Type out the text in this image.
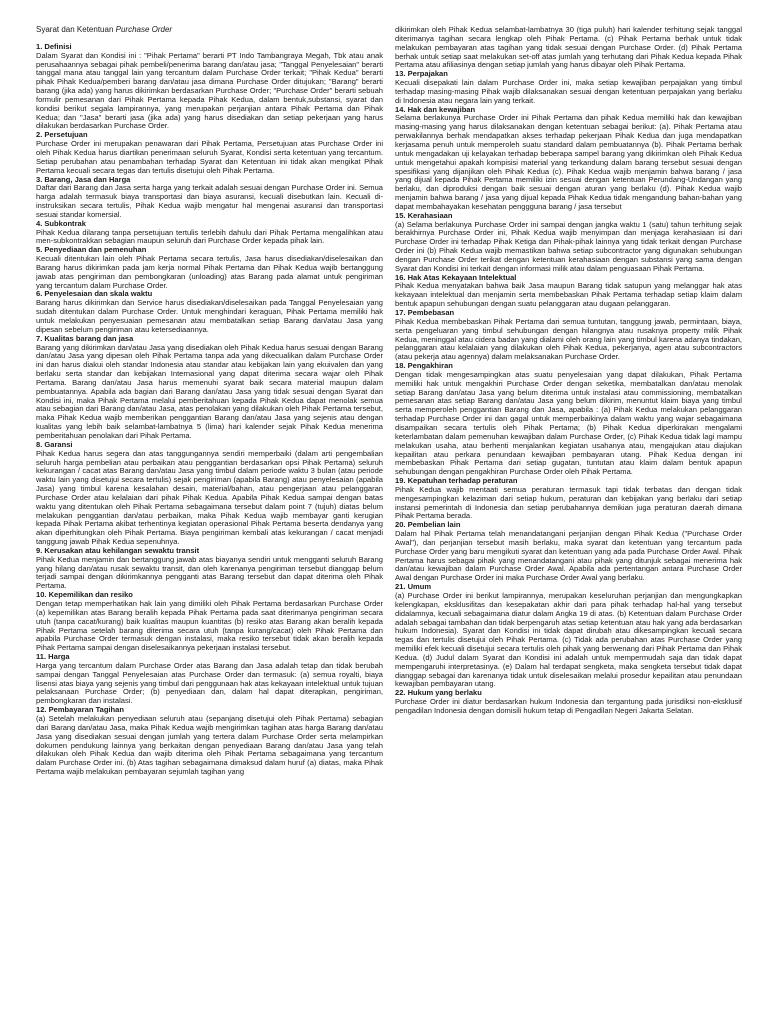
Syarat dan Ketentuan Purchase Order
1. Definisi
Dalam Syarat dan Kondisi ini : "Pihak Pertama" berarti PT Indo Tambangraya Megah, Tbk atau anak perusahaannya sebagai pihak pembeli/penerima barang dan/atau jasa; "Tanggal Penyelesaian" berarti tanggal mana atau tanggal lain yang tercantum dalam Purchase Order terkait; "Pihak Kedua" berarti pihak Pihak Kedua/pemberi barang dan/atau jasa dimana Purchase Order ditujukan; "Barang" berarti barang (jika ada) yang harus dikirimkan berdasarkan Purchase Order; "Purchase Order" berarti sebuah formulir pemesanan dari Pihak Pertama kepada Pihak Kedua, dalam bentuk,substansi, syarat dan kondisi berikut segala lampirannya, yang merupakan perjanjian antara Pihak Pertama dan Pihak Kedua; dan "Jasa" berarti jasa (jika ada) yang harus disediakan dan setiap pekerjaan yang harus dilakukan berdasarkan Purchase Order.
2. Persetujuan
Purchase Order ini merupakan penawaran dari Pihak Pertama, Persetujuan atas Purchase Order ini oleh Pihak Kedua harus diartikan penerimaan seluruh Syarat, Kondisi serta ketentuan yang tercantum. Setiap perubahan atau penambahan terhadap Syarat dan Ketentuan ini tidak akan mengikat Pihak Pertama kecuali secara tegas dan tertulis disetujui oleh Pihak Pertama.
3. Barang, Jasa dan Harga
Daftar dari Barang dan Jasa serta harga yang terkait adalah sesuai dengan Purchase Order ini. Semua harga adalah termasuk biaya transportasi dan biaya asuransi, kecuali disebutkan lain. Kecuali di-instruksikan secara tertulis, Pihak Kedua wajib mengatur hal mengenai asuransi dan transportasi sesuai standar komersial.
4. Subkontrak
Pihak Kedua dilarang tanpa persetujuan tertulis terlebih dahulu dari Pihak Pertama mengalihkan atau men-subkontrakkan sebagian maupun seluruh dari Purchase Order kepada pihak lain.
5. Penyediaan dan pemenuhan
Kecuali ditentukan lain oleh Pihak Pertama secara tertulis, Jasa harus disediakan/diselesaikan dan Barang harus dikirimkan pada jam kerja normal Pihak Pertama dan Pihak Kedua wajib bertanggung jawab atas pengiriman dan pembongkaran (unloading) atas Barang pada alamat untuk pengiriman yang tercantum dalam Purchase Order.
6. Penyelesaian dan skala waktu
Barang harus dikirimkan dan Service harus disediakan/diselesaikan pada Tanggal Penyelesaian yang sudah ditentukan dalam Purchase Order. Untuk menghindari keraguan, Pihak Pertama memiliki hak untuk melakukan penyesuaian pemesanan atau membatalkan setiap Barang dan/atau Jasa yang dipesan sebelum pengiriman atau ketersediaannya.
7. Kualitas barang dan jasa
Barang yang dikirimkan dan/atau Jasa yang disediakan oleh Pihak Kedua harus sesuai dengan Barang dan/atau Jasa yang dipesan oleh Pihak Pertama tanpa ada yang dikecualikan dalam Purchase Order ini dan harus diakui oleh standar Indonesia atau standar atau kebijakan lain yang ekuivalen dan yang berlaku serta standar dan kebijakan Internasional yang dapat diterima secara wajar oleh Pihak Pertama. Barang dan/atau Jasa harus memenuhi syarat baik secara material maupun dalam pembuatannya. Apabila ada bagian dari Barang dan/atau Jasa yang tidak sesuai dengan Syarat dan Kondisi ini, maka Pihak Pertama melalui pemberitahuan kepada Pihak Kedua dapat menolak semua atau sebagian dari Barang dan/atau Jasa, atas penolakan yang dilakukan oleh Pihak Pertama tersebut, maka Pihak Kedua wajib memberikan penggantian Barang dan/atau Jasa yang sejenis atau dengan kualitas yang lebih baik selambat-lambatnya 5 (lima) hari kalender sejak Pihak Kedua menerima pemberitahuan penolakan dari Pihak Pertama.
8. Garansi
Pihak Kedua harus segera dan atas tanggungannya sendiri memperbaiki (dalam arti pengembalian seluruh harga pembelian atau perbaikan atau penggantian berdasarkan opsi Pihak Pertama) seluruh kekurangan / cacat atas Barang dan/atau Jasa yang timbul dalam periode waktu 3 bulan (atau periode waktu lain yang disetujui secara tertulis) sejak pengiriman (apabila Barang) atau penyelesaian (apabila Jasa) yang timbul karena kesalahan desain, material/bahan, atau pengerjaan atau pelanggaran Purchase Order atau kelalaian dari pihak Pihak Kedua. Apabila Pihak Kedua sampai dengan batas waktu yang ditentukan oleh Pihak Pertama sebagaimana tersebut dalam point 7 (tujuh) diatas belum melakukan penggantian dan/atau perbaikan, maka Pihak Kedua wajib membayar ganti kerugian kepada Pihak Pertama akibat terhentinya kegiatan operasional Pihak Pertama beserta dendanya yang akan diperhitungkan oleh Pihak Pertama. Biaya pengiriman kembali atas kekurangan / cacat menjadi tanggung jawab Pihak Kedua sepenuhnya.
9. Kerusakan atau kehilangan sewaktu transit
Pihak Kedua menjamin dan bertanggung jawab atas biayanya sendiri untuk mengganti seluruh Barang yang hilang dan/atau rusak sewaktu transit, dan oleh karenanya pengiriman tersebut dianggap belum terjadi sampai dengan dikirimkannya pengganti atas Barang tersebut dan dapat diterima oleh Pihak Pertama.
10. Kepemilikan dan resiko
Dengan tetap memperhatikan hak lain yang dimiliki oleh Pihak Pertama berdasarkan Purchase Order (a) kepemilikan atas Barang beralih kepada Pihak Pertama pada saat diterimanya pengiriman secara utuh (tanpa cacat/kurang) baik kualitas maupun kuantitas (b) resiko atas Barang akan beralih kepada Pihak Pertama setelah barang diterima secara utuh (tanpa kurang/cacat) oleh Pihak Pertama dan apabila Purchase Order termasuk dengan instalasi, maka resiko tersebut tidak akan beralih kepada Pihak Pertama sampai dengan diselesaikannya pekerjaan instalasi tersebut.
11. Harga
Harga yang tercantum dalam Purchase Order atas Barang dan Jasa adalah tetap dan tidak berubah sampai dengan Tanggal Penyelesaian atas Purchase Order dan termasuk: (a) semua royalti, biaya lisensi atas biaya yang sejenis yang timbul dari penggunaan hak atas kekayaan intelektual untuk tujuan pelaksanaan Purchase Order; (b) penyediaan dan, dalam hal dapat diterapkan, pengiriman, pembongkaran dan instalasi.
12. Pembayaran Tagihan
(a) Setelah melakukan penyediaan seluruh atau (sepanjang disetujui oleh Pihak Pertama) sebagian dari Barang dan/atau Jasa, maka Pihak Kedua wajib mengirimkan tagihan atas harga Barang dan/atau Jasa yang disediakan sesuai dengan jumlah yang tertera dalam Purchase Order serta melampirkan dokumen pendukung lainnya yang berkaitan dengan penyediaan Barang dan/atau Jasa yang telah dilakukan oleh Pihak Kedua dan wajib diterima oleh Pihak Pertama sebagaimana yang tercantum dalam Purchase Order ini. (b) Atas tagihan sebagaimana dimaksud dalam huruf (a) diatas, maka Pihak Pertama wajib melakukan pembayaran sejumlah tagihan yang
dikirimkan oleh Pihak Kedua selambat-lambatnya 30 (tiga puluh) hari kalender terhitung sejak tanggal diterimanya tagihan secara lengkap oleh Pihak Pertama. (c) Pihak Pertama berhak untuk tidak melakukan pembayaran atas tagihan yang tidak sesuai dengan Purchase Order. (d) Pihak Pertama berhak untuk setiap saat melakukan set-off atas jumlah yang terhutang dari Pihak Kedua kepada Pihak Pertama atau afiliasinya dengan setiap jumlah yang harus dibayar oleh Pihak Pertama.
13. Perpajakan
Kecuali disepakati lain dalam Purchase Order ini, maka setiap kewajiban perpajakan yang timbul terhadap masing-masing Pihak wajib dilaksanakan sesuai dengan ketentuan perpajakan yang berlaku di Indonesia atau negara lain yang terkait.
14. Hak dan kewajiban
Selama berlakunya Purchase Order ini Pihak Pertama dan pihak Kedua memiliki hak dan kewajiban masing-masing yang harus dilaksanakan dengan ketentuan sebagai berikut: (a). Pihak Pertama atau perwakilannya berhak mendapatkan akses terhadap pekerjaan Pihak Kedua dan juga mendapatkan kerjasama penuh untuk memperoleh suatu standard dalam pembuatannya (b). Pihak Pertama berhak untuk mengadakan uji kelayakan terhadap beberapa sampel barang yang dikirimkan oleh Pihak Kedua untuk mengetahui apakah kompisisi material yang terkandung dalam barang tersebut sesuai dengan spesifikasi yang dijanjikan oleh Pihak Kedua (c). Pihak Kedua wajib menjamin bahwa barang / jasa yang dijual kepada Pihak Pertama memiliki izin sesuai dengan ketentuan Perundang-Undangan yang berlaku, dan diproduksi dengan baik sesuai dengan aturan yang berlaku (d). Pihak Kedua wajib menjamin bahwa barang / jasa yang dijual kepada Pihak Kedua tidak mengandung bahan-bahan yang dapat membahayakan kesehatan penggguna barang / jasa tersebut
15. Kerahasiaan
(a) Selama berlakunya Purchase Order ini sampai dengan jangka waktu 1 (satu) tahun terhitung sejak berakhirnya Purchase Order ini, Pihak Kedua wajib menyimpan dan menjaga kerahasiaan isi dari Purchase Order ini terhadap Pihak Ketiga dan Pihak-pihak lainnya yang tidak terkait dengan Purchase Order ini (b) Pihak Kedua wajib memastikan bahwa setiap subcontractor yang digunakan sehubungan dengan Purchase Order terikat dengan ketentuan kerahasiaan dengan substansi yang sama dengan Syarat dan Kondisi ini terkait dengan informasi milik atau dalam penguasaan Pihak Pertama.
16. Hak Atas Kekayaan Intelektual
Pihak Kedua menyatakan bahwa baik Jasa maupun Barang tidak satupun yang melanggar hak atas kekayaan intelektual dan menjamin serta membebaskan Pihak Pertama terhadap setiap klaim dalam bentuk apapun sehubungan dengan suatu pelanggaran atau dugaan pelanggaran.
17. Pembebasan
Pihak Kedua membebaskan Pihak Pertama dari semua tuntutan, tanggung jawab, permintaan, biaya, serta pengeluaran yang timbul sehubungan dengan hilangnya atau rusaknya property milik Pihak Kedua, meninggal atau cidera badan yang dialami oleh orang lain yang timbul karena adanya tindakan, pelanggaran atau kelalaian yang dilakukan oleh Pihak Kedua, pekerjanya, agen atau subcontractors (atau pekerja atau agennya) dalam melaksanakan Purchase Order.
18. Pengakhiran
Dengan tidak mengesampingkan atas suatu penyelesaian yang dapat dilakukan, Pihak Pertama memiliki hak untuk mengakhiri Purchase Order dengan seketika, membatalkan dan/atau menolak setiap Barang dan/atau Jasa yang belum diterima untuk instalasi atau commissioning, membatalkan pemesanan atas setiap Barang dan/atau Jasa yang belum dikirim, menuntut klaim biaya yang timbul serta memperoleh penggantian Barang dan Jasa, apabila : (a) Pihak Kedua melakukan pelanggaran terhadap Purchase Order ini dan gagal untuk memperbaikinya dalam waktu yang wajar sebagaimana disampaikan secara tertulis oleh Pihak Pertama; (b) Pihak Kedua diperkirakan mengalami keterlambatan dalam pemenuhan kewajiban dalam Purchase Order, (c) Pihak Kedua tidak lagi mampu melakukan usaha, atau berhenti menjalankan kegiatan usahanya atau, mengajukan atau diajukan kepailitan atau perkara penundaan kewajiban pembayaran utang. Pihak Kedua dengan ini membebaskan Pihak Pertama dari setiap gugatan, tuntutan atau klaim dalam bentuk apapun sehubungan dengan pengakhiran Purchase Order oleh Pihak Pertama.
19. Kepatuhan terhadap peraturan
Pihak Kedua wajib mentaati semua peraturan termasuk tapi tidak terbatas dan dengan tidak mengesampingkan kelaziman dari setiap hukum, peraturan dan kebijakan yang berlaku dari setiap instansi pemerintah di Indonesia dan setiap perubahannya demikian juga peraturan daerah dimana Pihak Pertama berada.
20. Pembelian lain
Dalam hal Pihak Pertama telah menandatangani perjanjian dengan Pihak Kedua ("Purchase Order Awal"), dan perjanjian tersebut masih berlaku, maka syarat dan ketentuan yang tercantum pada Purchase Order yang baru mengikuti syarat dan ketentuan yang ada pada Purchase Order Awal. Pihak Pertama harus sebagai pihak yang menandatangani atau pihak yang ditunjuk sebagai menerima hak dan/atau kewajiban dalam Purchase Order Awal. Apabila ada pertentangan antara Purchase Order Awal dengan Purchase Order ini maka Purchase Order Awal yang berlaku.
21. Umum
(a) Purchase Order ini berikut lampirannya, merupakan keseluruhan perjanjian dan mengungkapkan kelengkapan, eksklusifitas dan kesepakatan akhir dari para pihak terhadap hal-hal yang tersebut didalamnya, kecuali sebagaimana diatur dalam Angka 19 di atas. (b) Ketentuan dalam Purchase Order adalah sebagai tambahan dan tidak berpengaruh atas setiap ketentuan atau hak yang ada berdasarkan hukum Indonesia). Syarat dan Kondisi ini tidak dapat dirubah atau dikesampingkan kecuali secara tegas dan tertulis disetujui oleh Pihak Pertama. (c) Tidak ada perubahan atas Purchase Order yang memiliki efek kecuali disetujui secara tertulis oleh pihak yang berwenang dari Pihak Pertama dan Pihak Kedua. (d) Judul dalam Syarat dan Kondisi ini adalah untuk mempermudah saja dan tidak dapat mempengaruhi interpretasinya. (e) Dalam hal terdapat sengketa, maka sengketa tersebut tidak dapat dianggap sebagai dan karenanya tidak untuk diselesaikan melalui prosedur kepailitan atau penundaan kewajiban pembayaran utang.
22. Hukum yang berlaku
Purchase Order ini diatur berdasarkan hukum Indonesia dan tergantung pada jurisdiksi non-eksklusif pengadilan Indonesia dengan domisili hukum tetap di Pengadilan Negeri Jakarta Selatan.
